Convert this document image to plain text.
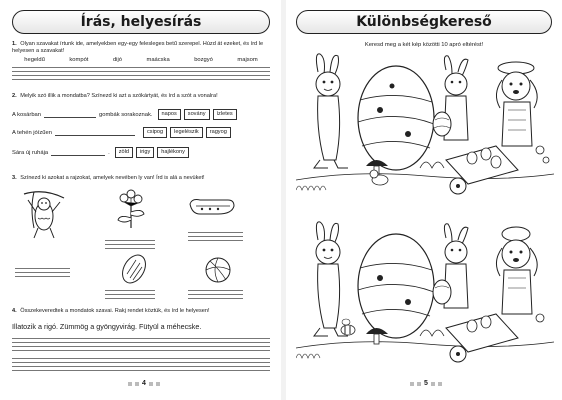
Írás, helyesírás
1. Olyan szavakat írtunk ide, amelyekben egy-egy felesleges betű szerepel. Húzd át ezeket, és írd le helyesen a szavakat!
hegeldű	kompót	dijó	maácska	bozgyó	majsom
2. Melyik szó illik a mondatba? Színezd ki azt a szókártyát, és írd a szót a vonalra!
A kosárban	gombák sorakoznak.	napos	sovány	ízletes
A tehén jóízűen	csipog	legelészik	ragyog
Sára új ruhája	.	zöld	irigy	hajlékony
3. Színezd ki azokat a rajzokat, amelyek nevében ly van! Írd is alá a nevüket!
4. Összekeveredtek a mondatok szavai. Rakj rendet köztük, és írd le helyesen!
Illatozik a rigó. Zümmög a gyöngyvirág. Fütyül a méhecske.
4
Különbségkereső
Keresd meg a két kép közötti 10 apró eltérést!
5
